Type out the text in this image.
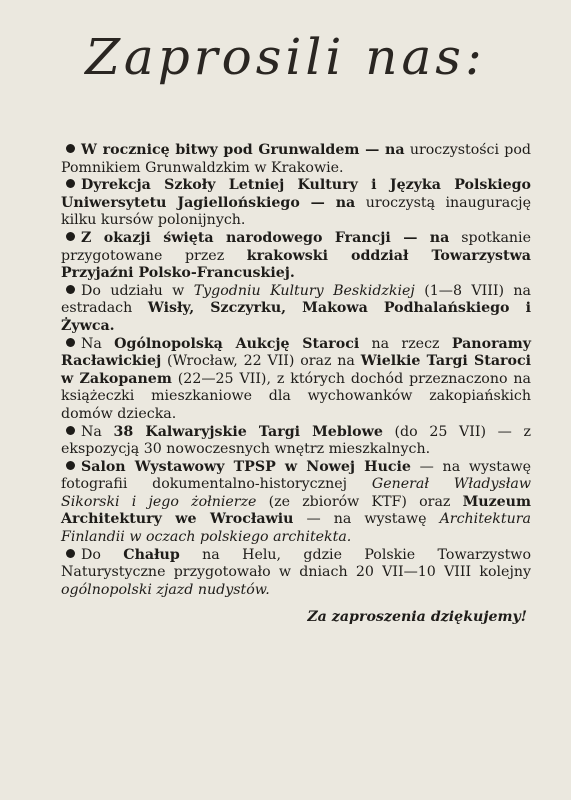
Zaprosili nas:

W rocznicę bitwy pod Grunwaldem — na uroczystości pod Pomnikiem Grunwaldzkim w Krakowie.

Dyrekcja Szkoły Letniej Kultury i Języka Polskiego Uniwersytetu Jagiellońskiego — na uroczystą inaugurację kilku kursów polonijnych.

Z okazji święta narodowego Francji — na spotkanie przygotowane przez krakowski oddział Towarzystwa Przyjaźni Polsko-Francuskiej.

Do udziału w Tygodniu Kultury Beskidzkiej (1—8 VIII) na estradach Wisły, Szczyrku, Makowa Podhalańskiego i Żywca.

Na Ogólnopolską Aukcję Staroci na rzecz Panoramy Racławickiej (Wrocław, 22 VII) oraz na Wielkie Targi Staroci w Zakopanem (22—25 VII), z których dochód przeznaczono na książeczki mieszkaniowe dla wychowanków zakopiańskich domów dziecka.

Na 38 Kalwaryjskie Targi Meblowe (do 25 VII) — z ekspozycją 30 nowoczesnych wnętrz mieszkalnych.

Salon Wystawowy TPSP w Nowej Hucie — na wystawę fotografii dokumentalno-historycznej Generał Władysław Sikorski i jego żołnierze (ze zbiorów KTF) oraz Muzeum Architektury we Wrocławiu — na wystawę Architektura Finlandii w oczach polskiego architekta.

Do Chałup na Helu, gdzie Polskie Towarzystwo Naturystyczne przygotowało w dniach 20 VII—10 VIII kolejny ogólnopolski zjazd nudystów.

Za zaproszenia dziękujemy!
